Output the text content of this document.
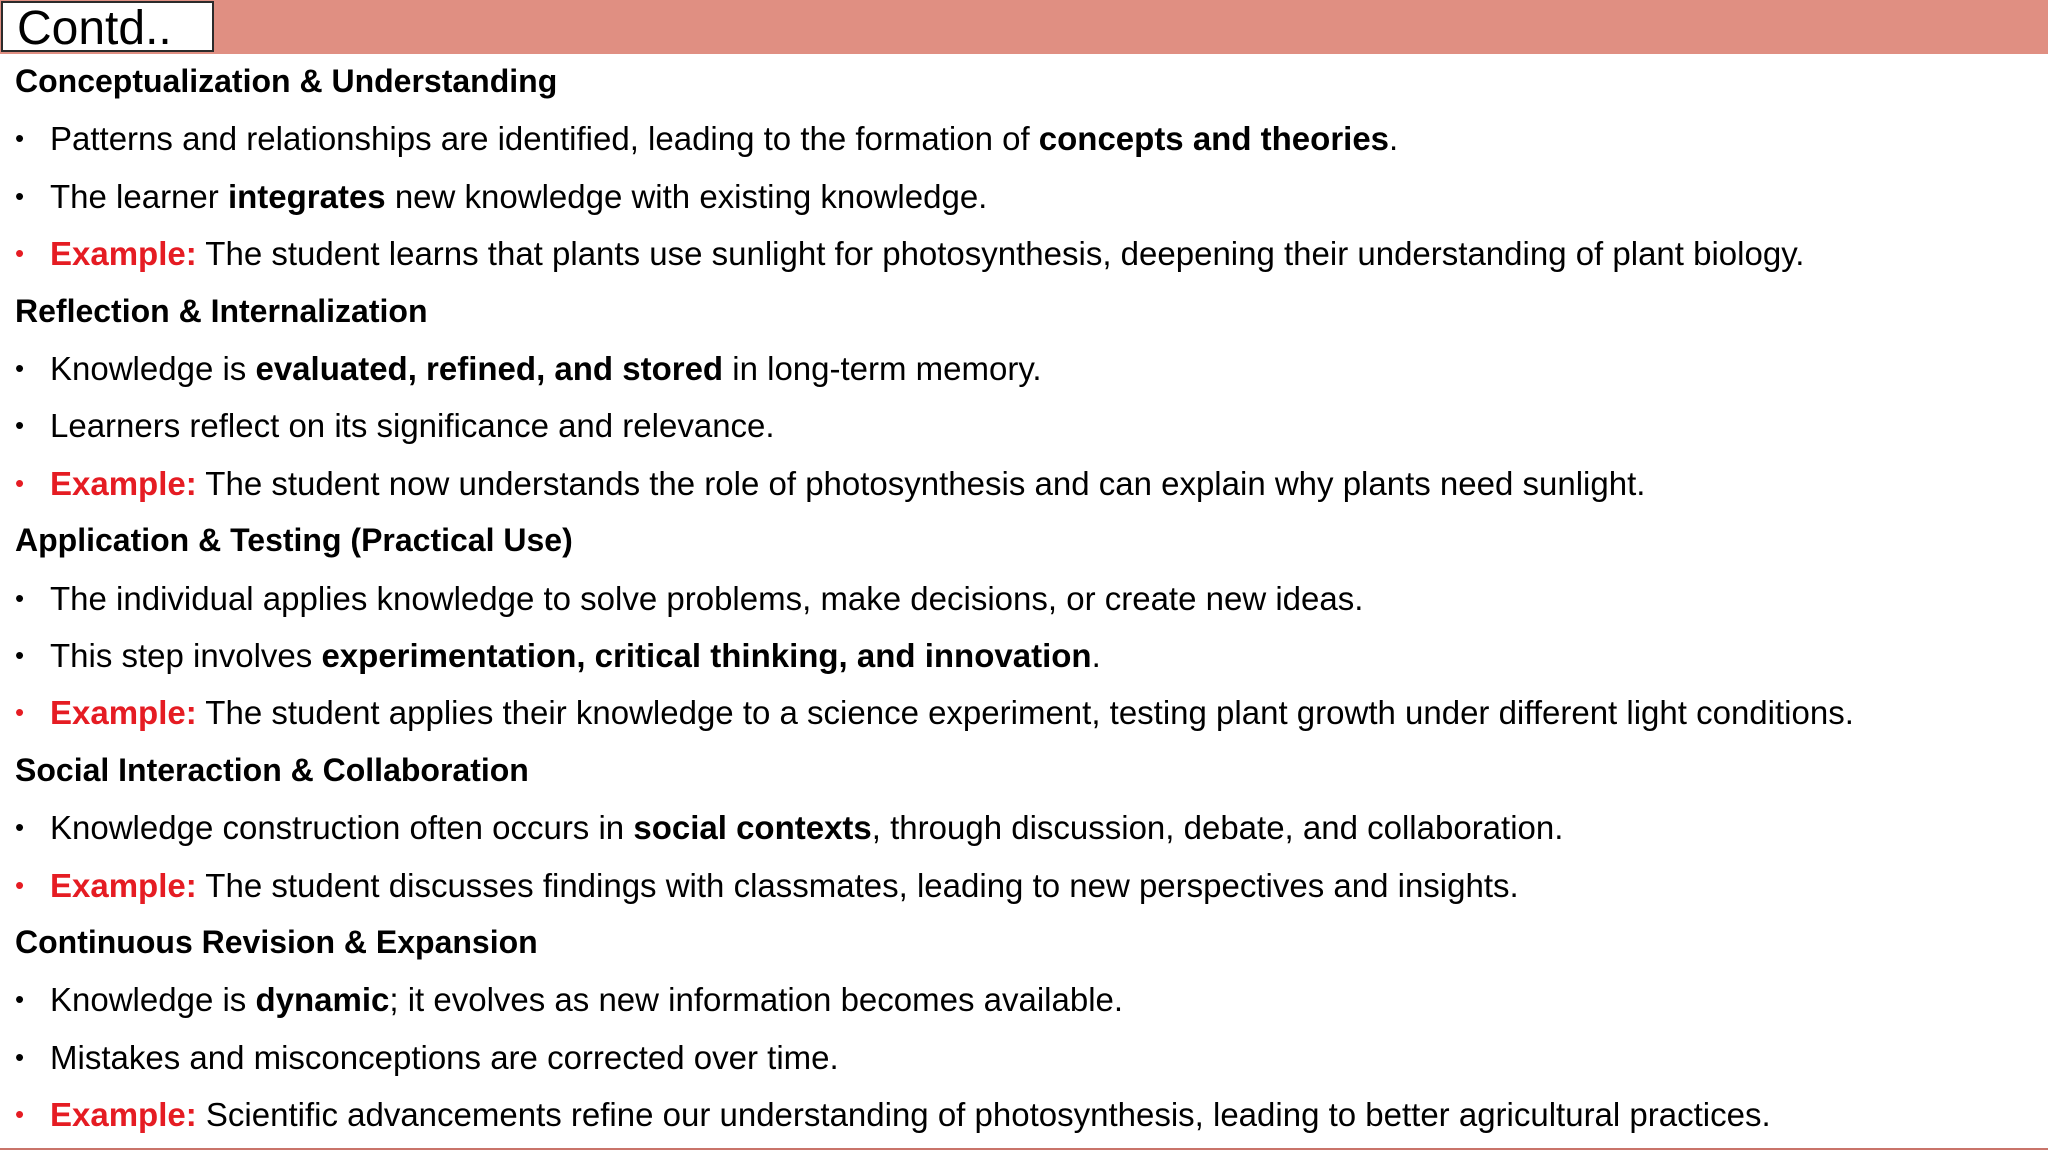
Contd..
Conceptualization & Understanding
• Patterns and relationships are identified, leading to the formation of concepts and theories.
• The learner integrates new knowledge with existing knowledge.
• Example: The student learns that plants use sunlight for photosynthesis, deepening their understanding of plant biology.
Reflection & Internalization
• Knowledge is evaluated, refined, and stored in long-term memory.
• Learners reflect on its significance and relevance.
• Example: The student now understands the role of photosynthesis and can explain why plants need sunlight.
Application & Testing (Practical Use)
• The individual applies knowledge to solve problems, make decisions, or create new ideas.
• This step involves experimentation, critical thinking, and innovation.
• Example: The student applies their knowledge to a science experiment, testing plant growth under different light conditions.
Social Interaction & Collaboration
• Knowledge construction often occurs in social contexts, through discussion, debate, and collaboration.
• Example: The student discusses findings with classmates, leading to new perspectives and insights.
Continuous Revision & Expansion
• Knowledge is dynamic; it evolves as new information becomes available.
• Mistakes and misconceptions are corrected over time.
• Example: Scientific advancements refine our understanding of photosynthesis, leading to better agricultural practices.
